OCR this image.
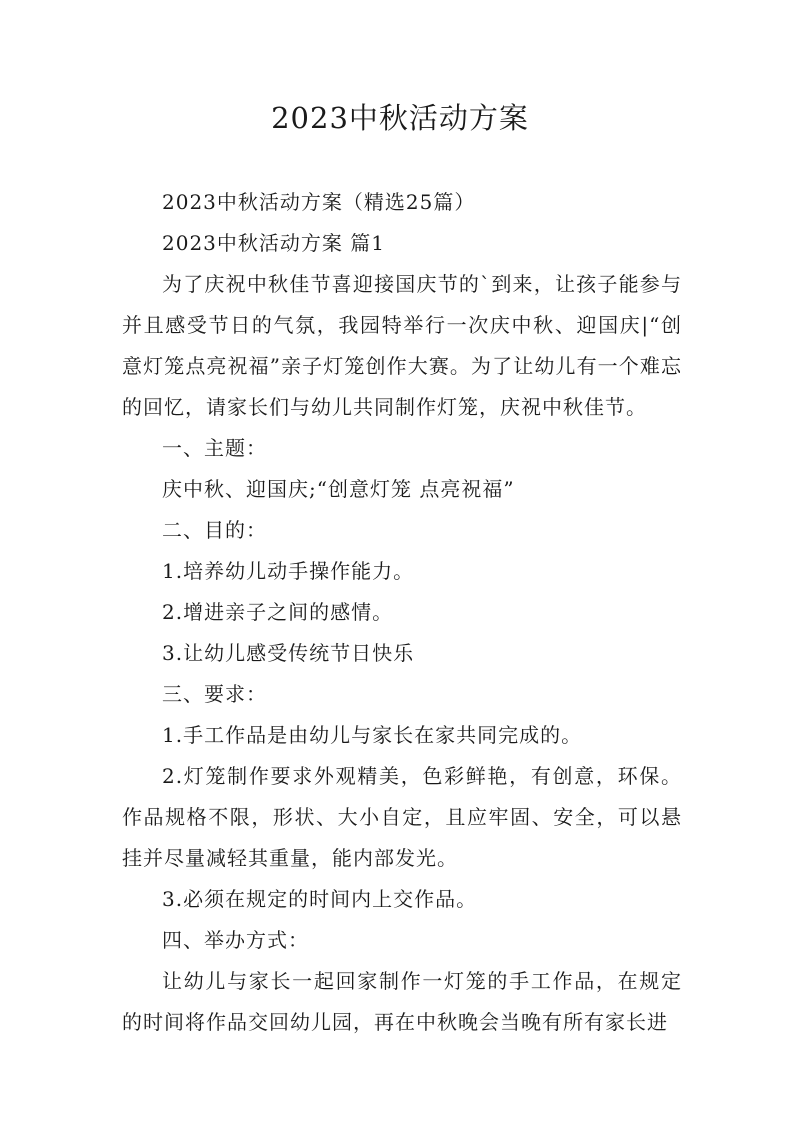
2023中秋活动方案

2023中秋活动方案（精选25篇）

2023中秋活动方案 篇1

为了庆祝中秋佳节喜迎接国庆节的`到来，让孩子能参与并且感受节日的气氛，我园特举行一次庆中秋、迎国庆|“创意灯笼点亮祝福”亲子灯笼创作大赛。为了让幼儿有一个难忘的回忆，请家长们与幼儿共同制作灯笼，庆祝中秋佳节。

一、主题：

庆中秋、迎国庆;“创意灯笼 点亮祝福”

二、目的：

1.培养幼儿动手操作能力。

2.增进亲子之间的感情。

3.让幼儿感受传统节日快乐

三、要求：

1.手工作品是由幼儿与家长在家共同完成的。

2.灯笼制作要求外观精美，色彩鲜艳，有创意，环保。作品规格不限，形状、大小自定，且应牢固、安全，可以悬挂并尽量减轻其重量，能内部发光。

3.必须在规定的时间内上交作品。

四、举办方式：

让幼儿与家长一起回家制作一灯笼的手工作品，在规定的时间将作品交回幼儿园，再在中秋晚会当晚有所有家长进
